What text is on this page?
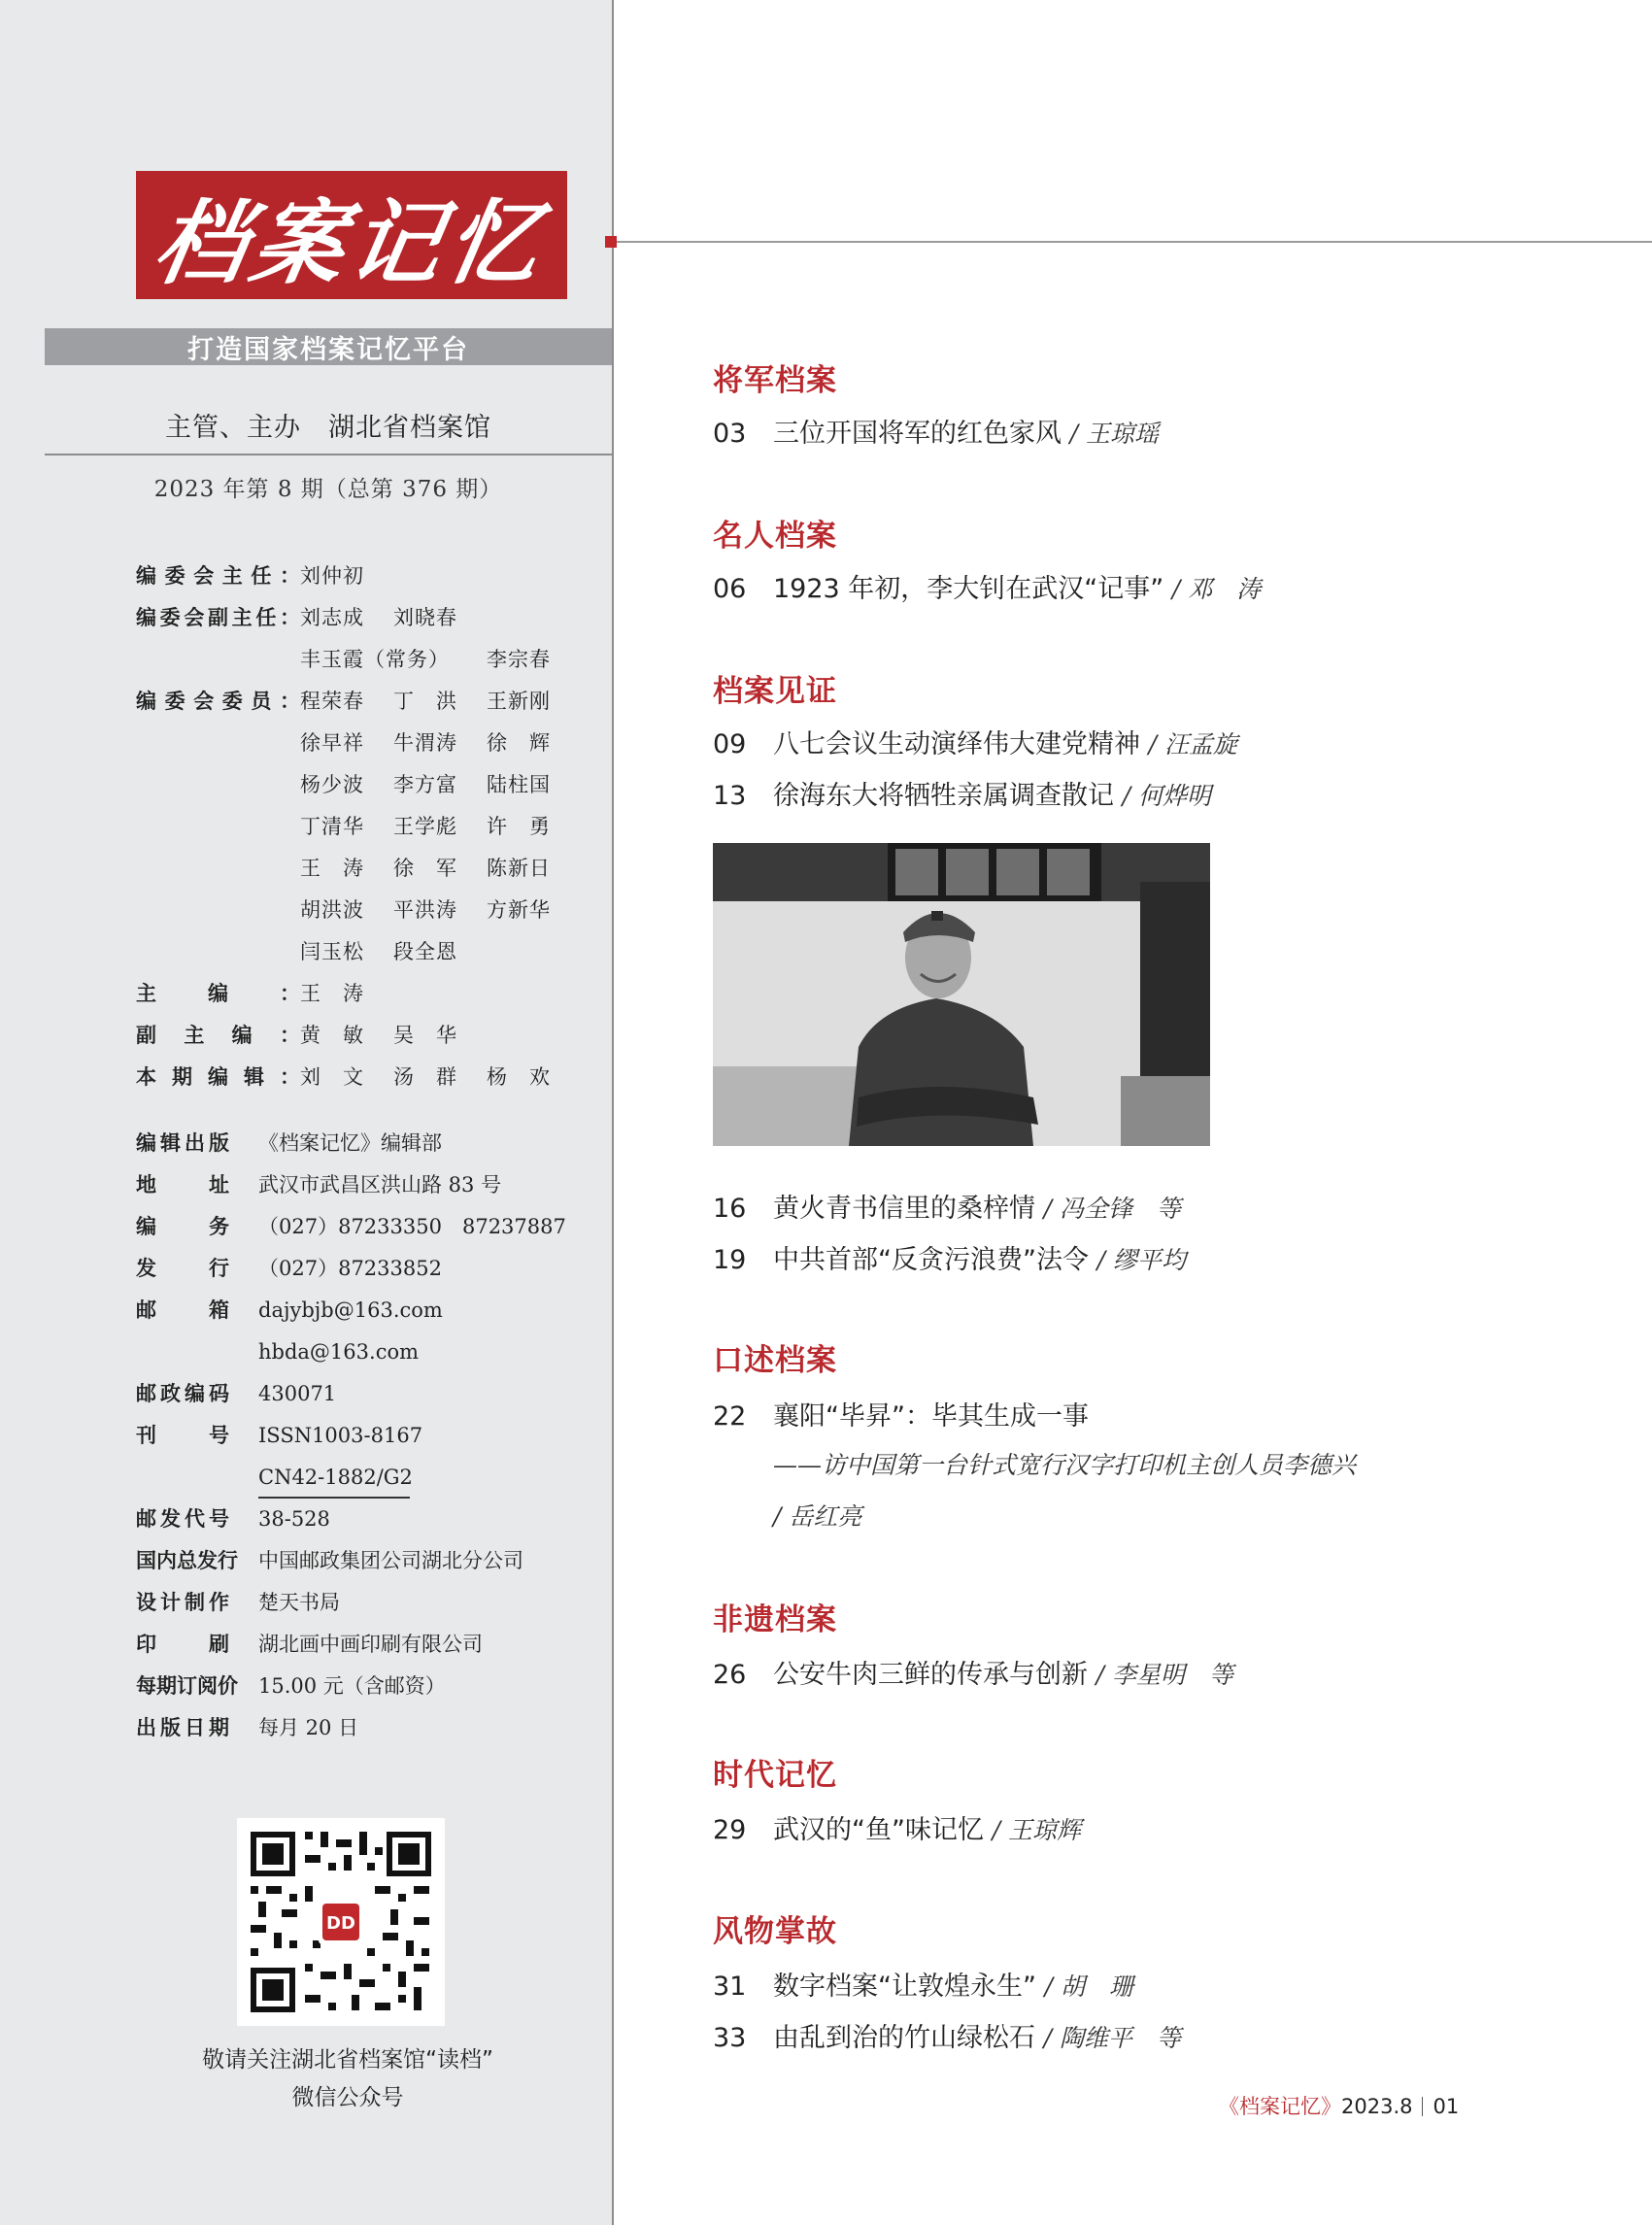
档案记忆
打造国家档案记忆平台
主管、主办　湖北省档案馆
2023 年第 8 期（总第 376 期）
编委会主任： 刘仲初
编委会副主任： 刘志成 刘晓春
丰玉霞（常务） 李宗春
编委会委员： 程荣春 丁　洪 王新刚
徐早祥 牛渭涛 徐　辉
杨少波 李方富 陆柱国
丁清华 王学彪 许　勇
王　涛 徐　军 陈新日
胡洪波 平洪涛 方新华
闫玉松 段全恩
主编： 王　涛
副主编： 黄　敏 吴　华
本期编辑： 刘　文 汤　群 杨　欢
编辑出版 《档案记忆》编辑部
地址 武汉市武昌区洪山路 83 号
编务 （027）87233350　87237887
发行 （027）87233852
邮箱 dajybjb@163.com
hbda@163.com
邮政编码 430071
刊号 ISSN1003-8167
CN42-1882/G2
邮发代号 38-528
国内总发行 中国邮政集团公司湖北分公司
设计制作 楚天书局
印刷 湖北画中画印刷有限公司
每期订阅价 15.00 元（含邮资）
出版日期 每月 20 日
DD
敬请关注湖北省档案馆“读档”
微信公众号
将军档案
03 三位开国将军的红色家风 / 王琼瑶
名人档案
06 1923 年初，李大钊在武汉“记事” / 邓　涛
档案见证
09 八七会议生动演绎伟大建党精神 / 汪孟旋
13 徐海东大将牺牲亲属调查散记 / 何烨明
16 黄火青书信里的桑梓情 / 冯全锋　等
19 中共首部“反贪污浪费”法令 / 缪平均
口述档案
22 襄阳“毕昇”：毕其生成一事
——访中国第一台针式宽行汉字打印机主创人员李德兴
/ 岳红亮
非遗档案
26 公安牛肉三鲜的传承与创新 / 李星明　等
时代记忆
29 武汉的“鱼”味记忆 / 王琼辉
风物掌故
31 数字档案“让敦煌永生” / 胡　珊
33 由乱到治的竹山绿松石 / 陶维平　等
《档案记忆》2023.8 01
